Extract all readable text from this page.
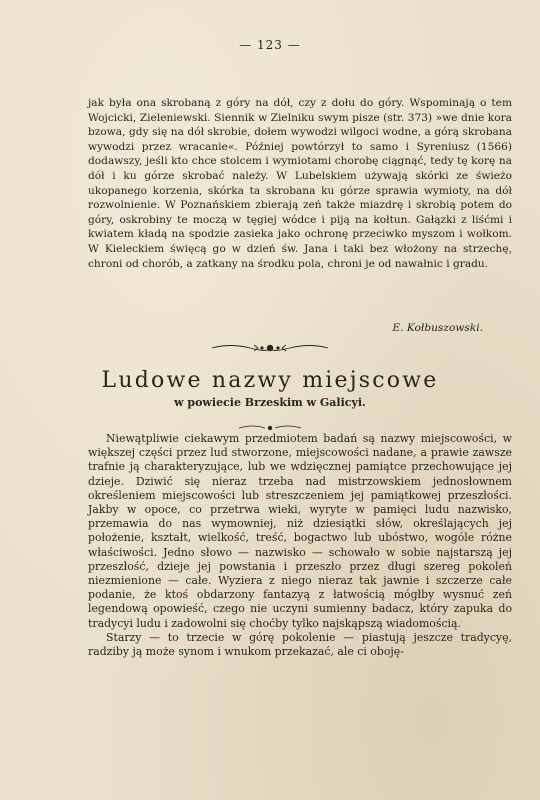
— 123 —

jak była ona skrobaną z góry na dół, czy z dołu do góry. Wspominają o tem Wojcicki, Zieleniewski. Siennik w Zielniku swym pisze (str. 373) »we dnie kora bzowa, gdy się na dół skrobie, dołem wywodzi wilgoci wodne, a górą skrobana wywodzi przez wracanie«. Później powtórzył to samo i Syreniusz (1566) dodawszy, jeśli kto chce stolcem i wymiotami chorobę ciągnąć, tedy tę korę na dół i ku górze skrobać należy. W Lubelskiem używają skórki ze świeżo ukopanego korzenia, skórka ta skrobana ku górze sprawia wymioty, na dół rozwolnienie. W Poznańskiem zbierają zeń także miazdrę i skrobią potem do góry, oskrobiny te moczą w tęgiej wódce i piją na kołtun. Gałązki z liśćmi i kwiatem kładą na spodzie zasieka jako ochronę przeciwko myszom i wołkom. W Kieleckiem święcą go w dzień św. Jana i taki bez włożony na strzechę, chroni od chorób, a zatkany na środku pola, chroni je od nawałnic i gradu.

E. Kołbuszowski.
Ludowe nazwy miejscowe
w powiecie Brzeskim w Galicyi.

Niewątpliwie ciekawym przedmiotem badań są nazwy miejscowości, w większej części przez lud stworzone, miejscowości nadane, a prawie zawsze trafnie ją charakteryzujące, lub we wdzięcznej pamiątce przechowujące jej dzieje. Dziwić się nieraz trzeba nad mistrzowskiem jednosłownem określeniem miejscowości lub streszczeniem jej pamiątkowej przeszłości. Jakby w opoce, co przetrwa wieki, wyryte w pamięci ludu nazwisko, przemawia do nas wymowniej, niż dziesiątki słów, określających jej położenie, kształt, wielkość, treść, bogactwo lub ubóstwo, wogóle różne właściwości. Jedno słowo — nazwisko — schowało w sobie najstarszą jej przeszłość, dzieje jej powstania i przeszło przez długi szereg pokoleń niezmienione — całe. Wyziera z niego nieraz tak jawnie i szczerze całe podanie, że ktoś obdarzony fantazyą z łatwością mógłby wysnuć zeń legendową opowieść, czego nie uczyni sumienny badacz, który zapuka do tradycyi ludu i zadowolni się choćby tylko najskąpszą wiadomością.

Starzy — to trzecie w górę pokolenie — piastują jeszcze tradycyę, radziby ją może synom i wnukom przekazać, ale ci oboję-
